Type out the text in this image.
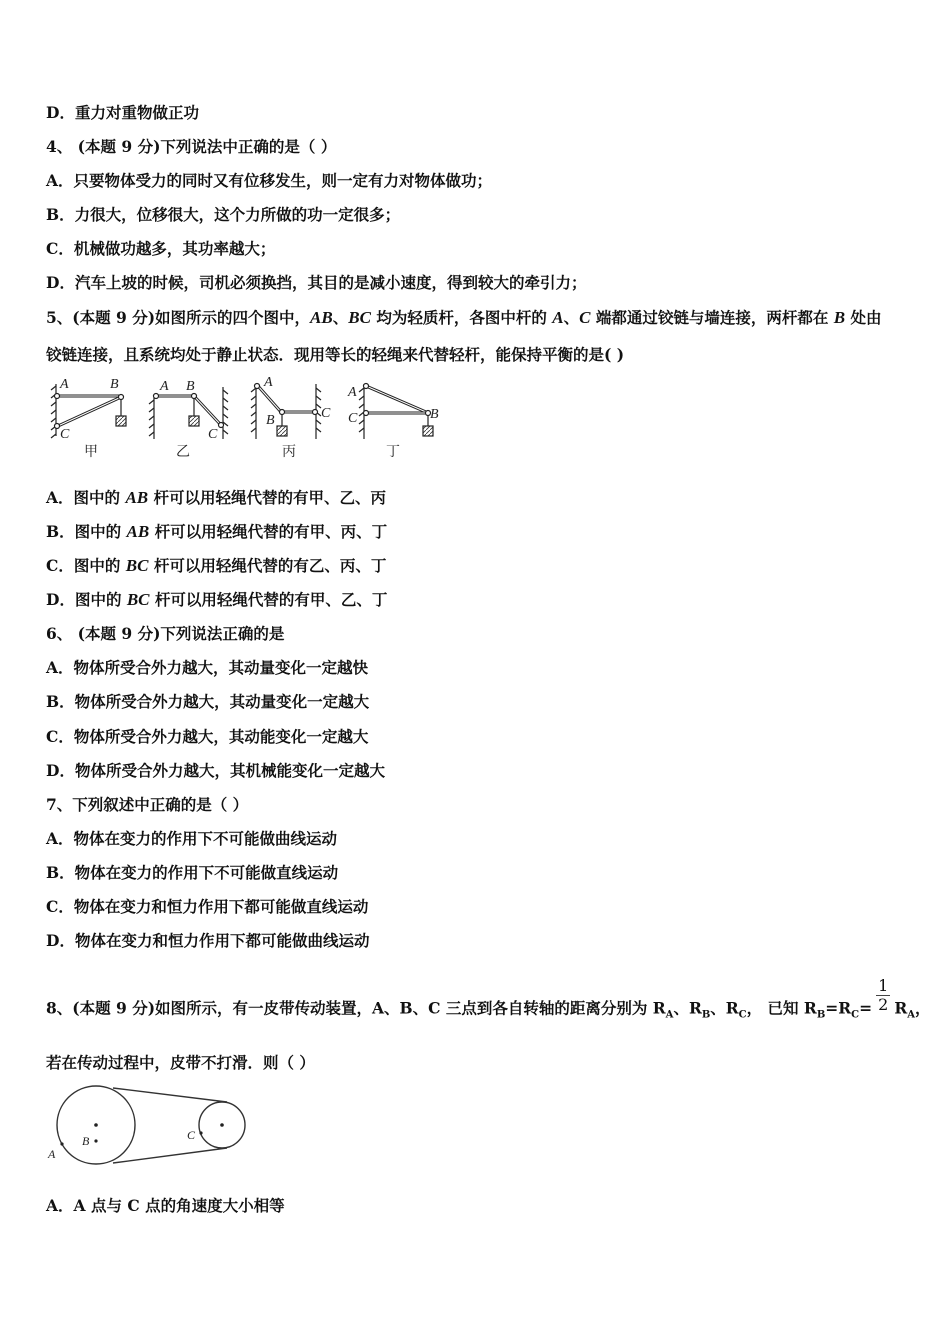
D．重力对重物做正功
4、 (本题 9 分)下列说法中正确的是（ ）
A．只要物体受力的同时又有位移发生，则一定有力对物体做功；
B．力很大，位移很大，这个力所做的功一定很多；
C．机械做功越多，其功率越大；
D．汽车上坡的时候，司机必须换挡，其目的是减小速度，得到较大的牵引力；
5、(本题 9 分)如图所示的四个图中，AB、BC 均为轻质杆，各图中杆的 A、C 端都通过铰链与墙连接，两杆都在 B 处由
铰链连接，且系统均处于静止状态．现用等长的轻绳来代替轻杆，能保持平衡的是( )
A．图中的 AB 杆可以用轻绳代替的有甲、乙、丙
B．图中的 AB 杆可以用轻绳代替的有甲、丙、丁
C．图中的 BC 杆可以用轻绳代替的有乙、丙、丁
D．图中的 BC 杆可以用轻绳代替的有甲、乙、丁
6、 (本题 9 分)下列说法正确的是
A．物体所受合外力越大，其动量变化一定越快
B．物体所受合外力越大，其动量变化一定越大
C．物体所受合外力越大，其动能变化一定越大
D．物体所受合外力越大，其机械能变化一定越大
7、下列叙述中正确的是（ ）
A．物体在变力的作用下不可能做曲线运动
B．物体在变力的作用下不可能做直线运动
C．物体在变力和恒力作用下都可能做直线运动
D．物体在变力和恒力作用下都可能做曲线运动
8、(本题 9 分)如图所示，有一皮带传动装置，A、B、C 三点到各自转轴的距离分别为 $R_A$、$R_B$、$R_C$， 已知 $R_B=R_C= \frac{1}{2} R_A$，
若在传动过程中，皮带不打滑．则（ ）
A．A 点与 C 点的角速度大小相等
A	B
C
A B
C
A
B	C
A
C	B
甲	乙	丙	丁
A
B	C
